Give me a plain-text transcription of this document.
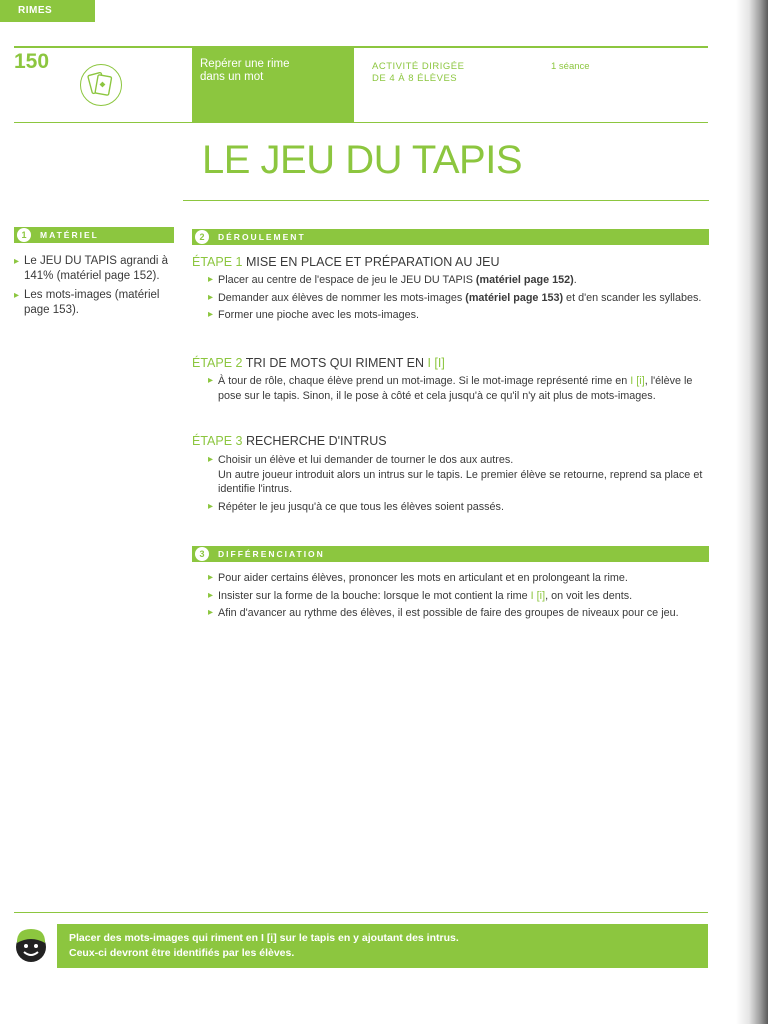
RIMES
150	Repérer une rime
dans un mot
ACTIVITÉ DIRIGÉE
DE 4 À 8 ÉLÈVES
1 séance
LE JEU DU TAPIS
1	MATÉRIEL
▸ Le JEU DU TAPIS agrandi à 141% (matériel page 152).
▸ Les mots-images (matériel page 153).
2	DÉROULEMENT
ÉTAPE 1 MISE EN PLACE ET PRÉPARATION AU JEU
▸ Placer au centre de l'espace de jeu le JEU DU TAPIS (matériel page 152).
▸ Demander aux élèves de nommer les mots-images (matériel page 153) et d'en scander les syllabes.
▸ Former une pioche avec les mots-images.
ÉTAPE 2 TRI DE MOTS QUI RIMENT EN I [I]
▸ À tour de rôle, chaque élève prend un mot-image. Si le mot-image représenté rime en I [i], l'élève le pose sur le tapis. Sinon, il le pose à côté et cela jusqu'à ce qu'il n'y ait plus de mots-images.
ÉTAPE 3 RECHERCHE D'INTRUS
▸ Choisir un élève et lui demander de tourner le dos aux autres.
Un autre joueur introduit alors un intrus sur le tapis. Le premier élève se retourne, reprend sa place et identifie l'intrus.
▸ Répéter le jeu jusqu'à ce que tous les élèves soient passés.
3	DIFFÉRENCIATION
▸ Pour aider certains élèves, prononcer les mots en articulant et en prolongeant la rime.
▸ Insister sur la forme de la bouche: lorsque le mot contient la rime I [i], on voit les dents.
▸ Afin d'avancer au rythme des élèves, il est possible de faire des groupes de niveaux pour ce jeu.
Placer des mots-images qui riment en I [i] sur le tapis en y ajoutant des intrus.
Ceux-ci devront être identifiés par les élèves.
